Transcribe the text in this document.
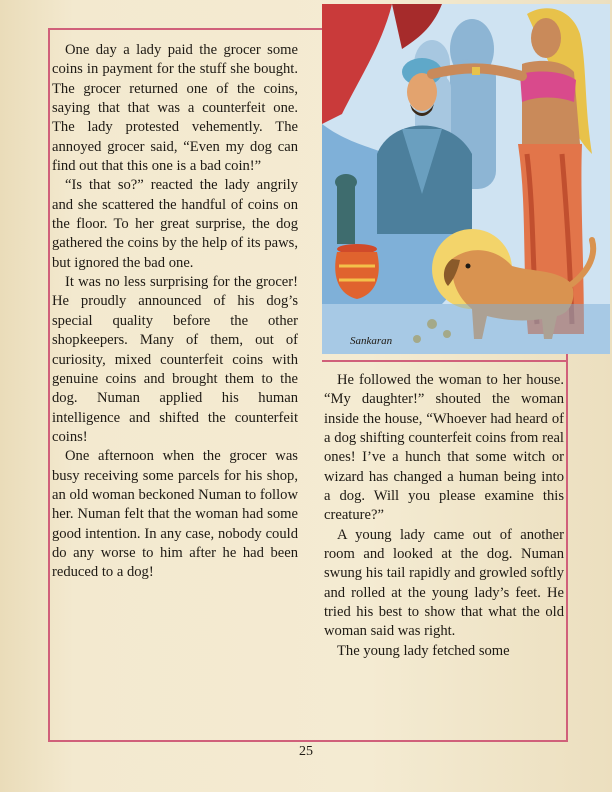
Sankaran

One day a lady paid the grocer some coins in payment for the stuff she bought. The grocer returned one of the coins, saying that that was a counterfeit one. The lady protested vehemently. The annoyed grocer said, “Even my dog can find out that this one is a bad coin!”

“Is that so?” reacted the lady angrily and she scattered the handful of coins on the floor. To her great surprise, the dog gathered the coins by the help of its paws, but ignored the bad one.

It was no less surprising for the grocer! He proudly announced of his dog’s special quality before the other shopkeepers. Many of them, out of curiosity, mixed counterfeit coins with genuine coins and brought them to the dog. Numan applied his human intelligence and shifted the counterfeit coins!

One afternoon when the grocer was busy receiving some parcels for his shop, an old woman beckoned Numan to follow her. Numan felt that the woman had some good intention. In any case, nobody could do any worse to him after he had been reduced to a dog!

He followed the woman to her house. “My daughter!” shouted the woman inside the house, “Whoever had heard of a dog shifting counterfeit coins from real ones! I’ve a hunch that some witch or wizard has changed a human being into a dog. Will you please examine this creature?”

A young lady came out of another room and looked at the dog. Numan swung his tail rapidly and growled softly and rolled at the young lady’s feet. He tried his best to show that what the old woman said was right.

The young lady fetched some

25
